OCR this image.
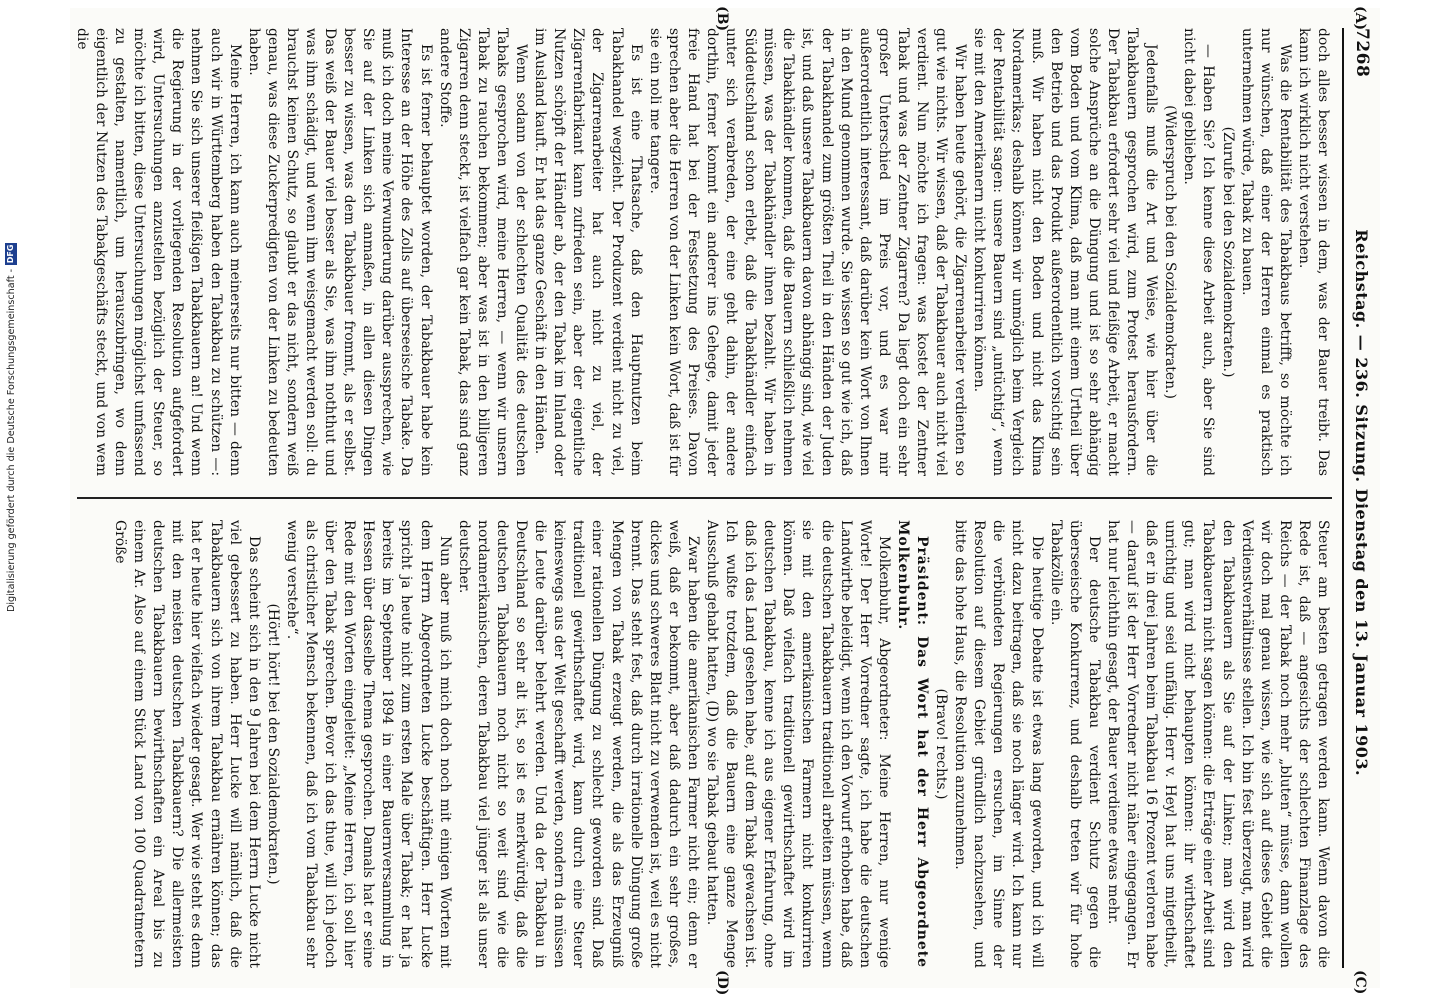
7268
Reichstag. — 236. Sitzung. Dienstag den 13. Januar 1903.
(A)
(B)
(C)
(D)

doch alles besser wissen in dem, was der Bauer treibt. Das kann ich wirklich nicht verstehen.

Was die Rentabilität des Tabakbaus betrifft, so möchte ich nur wünschen, daß einer der Herren einmal es praktisch unternehmen würde, Tabak zu bauen.

(Zurufe bei den Sozialdemokraten.)

— Haben Sie? Ich kenne diese Arbeit auch, aber Sie sind nicht dabei geblieben.

(Widerspruch bei den Sozialdemokraten.)

Jedenfalls muß die Art und Weise, wie hier über die Tabakbauern gesprochen wird, zum Protest herausfordern. Der Tabakbau erfordert sehr viel und fleißige Arbeit, er macht solche Ansprüche an die Düngung und ist so sehr abhängig vom Boden und vom Klima, daß man mit einem Urtheil über den Betrieb und das Produkt außerordentlich vorsichtig sein muß. Wir haben nicht den Boden und nicht das Klima Nordamerikas; deshalb können wir unmöglich beim Vergleich der Rentabilität sagen: unsere Bauern sind „untüchtig“, wenn sie mit den Amerikanern nicht konkurriren können.

Wir haben heute gehört, die Zigarrenarbeiter verdienten so gut wie nichts. Wir wissen, daß der Tabakbauer auch nicht viel verdient. Nun möchte ich fragen: was kostet der Zentner Tabak und was der Zentner Zigarren? Da liegt doch ein sehr großer Unterschied im Preis vor, und es war mir außerordentlich interessant, daß darüber kein Wort von Ihnen in den Mund genommen wurde. Sie wissen so gut wie ich, daß der Tabakhandel zum größten Theil in den Händen der Juden ist, und daß unsere Tabakbauern davon abhängig sind, wie viel die Tabakhändler kommen, daß die Bauern schließlich nehmen müssen, was der Tabakhändler ihnen bezahlt. Wir haben in Süddeutschland schon erlebt, daß die Tabakhändler einfach unter sich verabreden, der eine geht dahin, der andere dorthin, ferner kommt ein anderer ins Gehege, damit jeder freie Hand hat bei der Festsetzung des Preises. Davon sprechen aber die Herren von der Linken kein Wort, daß ist für sie ein noli me tangere.

Es ist eine Thatsache, daß den Hauptnutzen beim Tabakhandel wegzieht. Der Produzent verdient nicht zu viel, der Zigarrenarbeiter hat auch nicht zu viel, der Zigarrenfabrikant kann zufrieden sein, aber der eigentliche Nutzen schöpft der Händler ab, der den Tabak im Inland oder im Ausland kauft. Er hat das ganze Geschäft in den Händen.

Wenn sodann von der schlechten Qualität des deutschen Tabaks gesprochen wird, meine Herren, — wenn wir unsern Tabak zu rauchen bekommen; aber was ist in den billigeren Zigarren denn steckt, ist vielfach gar kein Tabak, das sind ganz andere Stoffe.

Es ist ferner behauptet worden, der Tabakbauer habe kein Interesse an der Höhe des Zolls auf überseeische Tabake. Da muß ich doch meine Verwunderung darüber aussprechen, wie Sie auf der Linken sich anmaßen, in allen diesen Dingen besser zu wissen, was dem Tabakbauer frommt, als er selbst. Das weiß der Bauer viel besser als Sie, was ihm noththut und was ihm schädigt, und wenn ihm weisgemacht werden soll: du brauchst keinen Schutz, so glaubt er das nicht, sondern weiß genau, was diese Zuckerpredigten von der Linken zu bedeuten haben.

Meine Herren, ich kann auch meinerseits nur bitten — denn auch wir in Württemberg haben den Tabakbau zu schützen —: nehmen Sie sich unserer fleißigen Tabakbauern an! Und wenn die Regierung in der vorliegenden Resolution aufgefordert wird, Untersuchungen anzustellen bezüglich der Steuer, so möchte ich bitten, diese Untersuchungen möglichst umfassend zu gestalten, namentlich, um herauszubringen, wo denn eigentlich der Nutzen des Tabakgeschäfts steckt, und von wem die

Steuer am besten getragen werden kann. Wenn davon die Rede ist, daß — angesichts der schlechten Finanzlage des Reichs — der Tabak noch mehr „bluten“ müsse, dann wollen wir doch mal genau wissen, wie sich auf dieses Gebiet die Verdienstverhältnisse stellen. Ich bin fest überzeugt, man wird den Tabakbauern als Sie auf der Linken; man wird den Tabakbauern nicht sagen können: die Erträge einer Arbeit sind gut; man wird nicht behaupten können: ihr wirthschaftet unrichtig und seid unfähig. Herr v. Heyl hat uns mitgetheilt, daß er in drei Jahren beim Tabakbau 16 Prozent verloren habe — darauf ist der Herr Vorredner nicht näher eingegangen. Er hat nur leichthin gesagt, der Bauer verdiene etwas mehr.

Der deutsche Tabakbau verdient Schutz gegen die überseeische Konkurrenz, und deshalb treten wir für hohe Tabakzölle ein.

Die heutige Debatte ist etwas lang geworden, und ich will nicht dazu beitragen, daß sie noch länger wird. Ich kann nur die verbündeten Regierungen ersuchen, im Sinne der Resolution auf diesem Gebiet gründlich nachzusehen, und bitte das hohe Haus, die Resolution anzunehmen.

(Bravo! rechts.)

Präsident: Das Wort hat der Herr Abgeordnete Molkenbuhr.

Molkenbuhr, Abgeordneter: Meine Herren, nur wenige Worte! Der Herr Vorredner sagte, ich habe die deutschen Landwirthe beleidigt, wenn ich den Vorwurf erhoben habe, daß die deutschen Tabakbauern traditionell arbeiten müssen, wenn sie mit den amerikanischen Farmern nicht konkurriren können. Daß vielfach traditionell gewirthschaftet wird im deutschen Tabakbau, kenne ich aus eigener Erfahrung, ohne daß ich das Land gesehen habe, auf dem Tabak gewachsen ist. Ich wußte trotzdem, daß die Bauern eine ganze Menge Ausschuß gehabt hatten, (D) wo sie Tabak gebaut hatten.

Zwar haben die amerikanischen Farmer nicht ein; denn er weiß, daß er bekommt, aber daß dadurch ein sehr großes, dickes und schweres Blatt nicht zu verwenden ist, weil es nicht brennt. Das steht fest, daß durch irrationelle Düngung große Mengen von Tabak erzeugt werden, die als das Erzeugniß einer rationellen Düngung zu schlecht geworden sind. Daß traditionell gewirthschaftet wird, kann durch eine Steuer keineswegs aus der Welt geschafft werden, sondern da müssen die Leute darüber belehrt werden. Und da der Tabakbau in Deutschland so sehr alt ist, so ist es merkwürdig, daß die deutschen Tabakbauern noch nicht so weit sind wie die nordamerikanischen, deren Tabakbau viel jünger ist als unser deutscher.

Nun aber muß ich mich doch noch mit einigen Worten mit dem Herrn Abgeordneten Lucke beschäftigen. Herr Lucke spricht ja heute nicht zum ersten Male über Tabak; er hat ja bereits im September 1894 in einer Bauernversammlung in Hessen über dasselbe Thema gesprochen. Damals hat er seine Rede mit den Worten eingeleitet: „Meine Herren, ich soll hier über den Tabak sprechen. Bevor ich das thue, will ich jedoch als christlicher Mensch bekennen, daß ich vom Tabakbau sehr wenig verstehe“.

(Hört! hört! bei den Sozialdemokraten.)

Das scheint sich in den 9 Jahren bei dem Herrn Lucke nicht viel gebessert zu haben. Herr Lucke will nämlich, daß die Tabakbauern sich von ihrem Tabakbau ernähren können; das hat er heute hier vielfach wieder gesagt. Wer wie steht es denn mit den meisten deutschen Tabakbauern? Die allermeisten deutschen Tabakbauern bewirthschaften ein Areal bis zu einem Ar. Also auf einem Stück Land von 100 Quadratmetern Größe

Digitalisierung gefördert durch die Deutsche Forschungsgemeinschaft -
DFG
